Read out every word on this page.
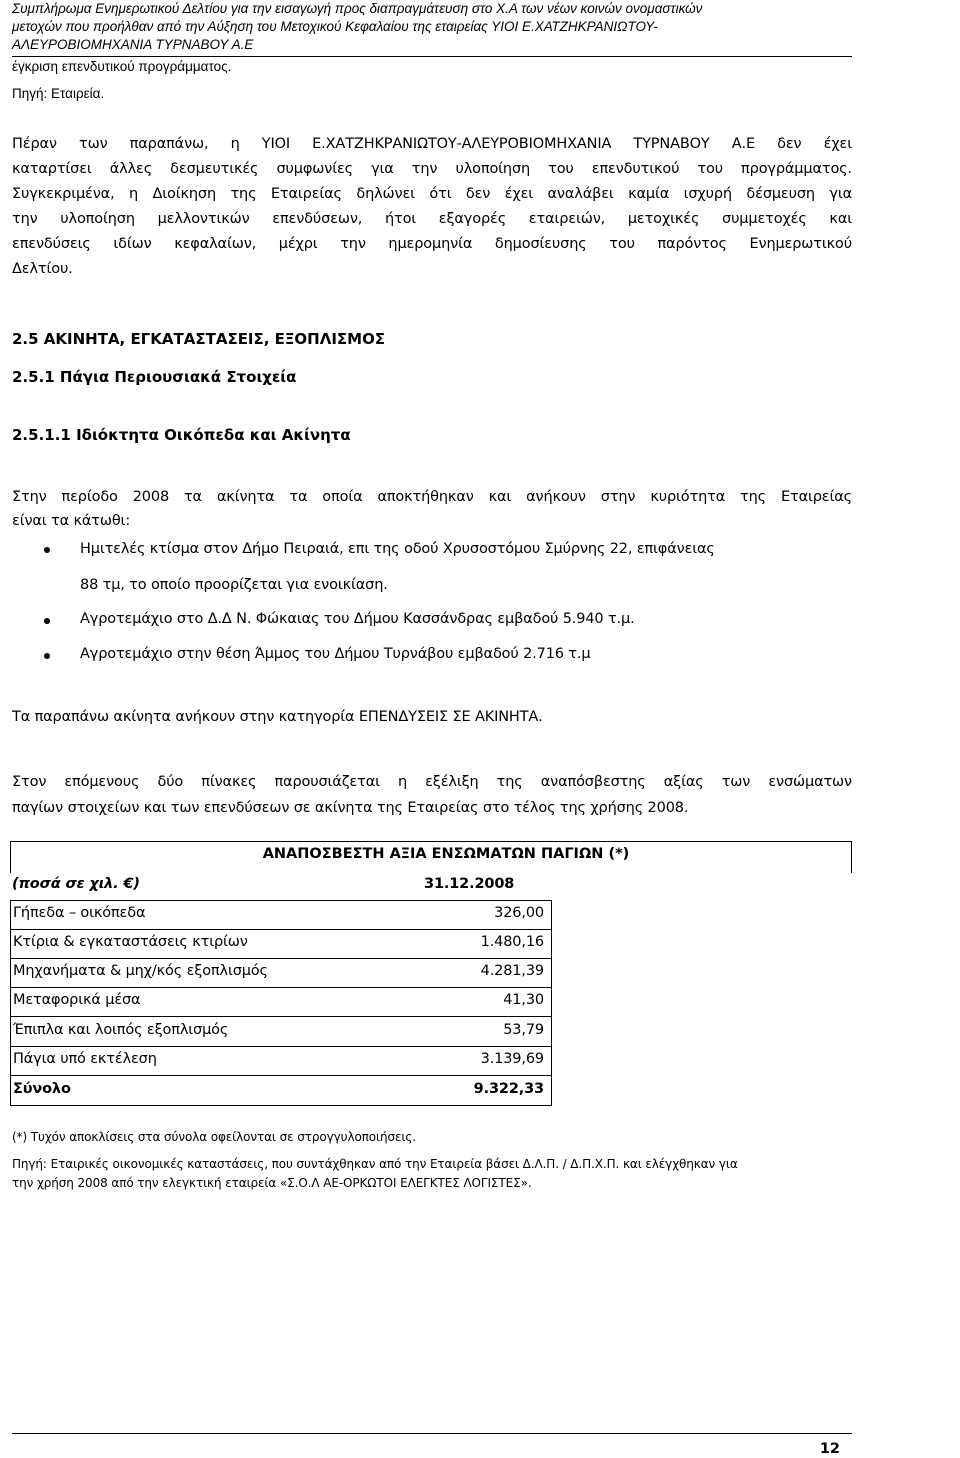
Συμπλήρωμα Ενημερωτικού Δελτίου για την εισαγωγή προς διαπραγμάτευση στο Χ.Α των νέων κοινών ονομαστικών
μετοχών που προήλθαν από την Αύξηση του Μετοχικού Κεφαλαίου της εταιρείας ΥΙΟΙ Ε.ΧΑΤΖΗΚΡΑΝΙΩΤΟΥ-
ΑΛΕΥΡΟΒΙΟΜΗΧΑΝΙΑ ΤΥΡΝΑΒΟΥ Α.Ε
έγκριση επενδυτικού προγράμματος.
Πηγή: Εταιρεία.
Πέραν των παραπάνω, η ΥΙΟΙ Ε.ΧΑΤΖΗΚΡΑΝΙΩΤΟΥ-ΑΛΕΥΡΟΒΙΟΜΗΧΑΝΙΑ ΤΥΡΝΑΒΟΥ Α.Ε δεν έχει
καταρτίσει άλλες δεσμευτικές συμφωνίες για την υλοποίηση του επενδυτικού του προγράμματος.
Συγκεκριμένα, η Διοίκηση της Εταιρείας δηλώνει ότι δεν έχει αναλάβει καμία ισχυρή δέσμευση για
την υλοποίηση μελλοντικών επενδύσεων, ήτοι εξαγορές εταιρειών, μετοχικές συμμετοχές και
επενδύσεις ιδίων κεφαλαίων, μέχρι την ημερομηνία δημοσίευσης του παρόντος Ενημερωτικού
Δελτίου.
2.5 ΑΚΙΝΗΤΑ, ΕΓΚΑΤΑΣΤΑΣΕΙΣ, ΕΞΟΠΛΙΣΜΟΣ
2.5.1 Πάγια Περιουσιακά Στοιχεία
2.5.1.1 Ιδιόκτητα Οικόπεδα και Ακίνητα
Στην περίοδο 2008 τα ακίνητα τα οποία αποκτήθηκαν και ανήκουν στην κυριότητα της Εταιρείας
είναι τα κάτωθι:
Ημιτελές κτίσμα στον Δήμο Πειραιά, επι της οδού Χρυσοστόμου Σμύρνης 22, επιφάνειας
88 τμ, το οποίο προορίζεται για ενοικίαση.
Αγροτεμάχιο στο Δ.Δ Ν. Φώκαιας του Δήμου Κασσάνδρας εμβαδού 5.940 τ.μ.
Αγροτεμάχιο στην θέση Άμμος του Δήμου Τυρνάβου εμβαδού 2.716 τ.μ
Τα παραπάνω ακίνητα ανήκουν στην κατηγορία ΕΠΕΝΔΥΣΕΙΣ ΣΕ ΑΚΙΝΗΤΑ.
Στον επόμενους δύο πίνακες παρουσιάζεται η εξέλιξη της αναπόσβεστης αξίας των ενσώματων
παγίων στοιχείων και των επενδύσεων σε ακίνητα της Εταιρείας στο τέλος της χρήσης 2008.
ΑΝΑΠΟΣΒΕΣΤΗ ΑΞΙΑ ΕΝΣΩΜΑΤΩΝ ΠΑΓΙΩΝ (*)
(ποσά σε χιλ. €)	31.12.2008
Γήπεδα – οικόπεδα	326,00
Κτίρια & εγκαταστάσεις κτιρίων	1.480,16
Μηχανήματα & μηχ/κός εξοπλισμός	4.281,39
Μεταφορικά μέσα	41,30
Έπιπλα και λοιπός εξοπλισμός	53,79
Πάγια υπό εκτέλεση	3.139,69
Σύνολο	9.322,33
(*) Τυχόν αποκλίσεις στα σύνολα οφείλονται σε στρογγυλοποιήσεις.
Πηγή: Εταιρικές οικονομικές καταστάσεις, που συντάχθηκαν από την Εταιρεία βάσει Δ.Λ.Π. / Δ.Π.Χ.Π. και ελέγχθηκαν για
την χρήση 2008 από την ελεγκτική εταιρεία «Σ.Ο.Λ ΑΕ-ΟΡΚΩΤΟΙ ΕΛΕΓΚΤΕΣ ΛΟΓΙΣΤΕΣ».
12
